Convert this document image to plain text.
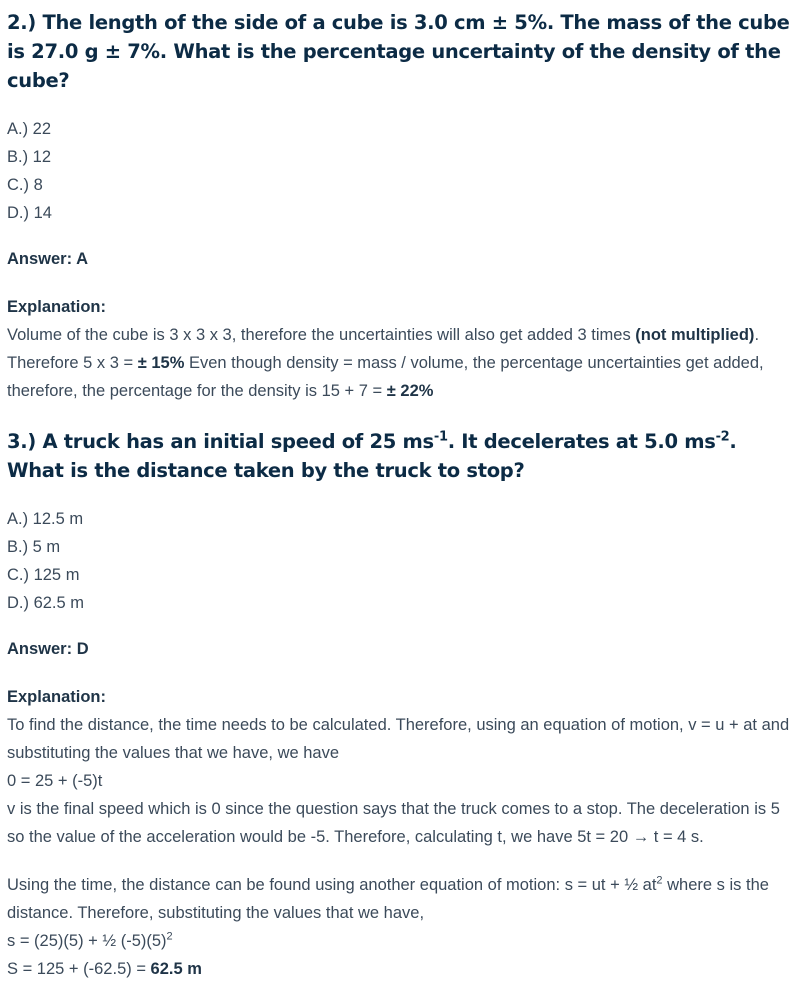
2.) The length of the side of a cube is 3.0 cm ± 5%. The mass of the cube is 27.0 g ± 7%. What is the percentage uncertainty of the density of the cube?
A.) 22
B.) 12
C.) 8
D.) 14
Answer: A
Explanation:
Volume of the cube is 3 x 3 x 3, therefore the uncertainties will also get added 3 times (not multiplied). Therefore 5 x 3 = ± 15% Even though density = mass / volume, the percentage uncertainties get added, therefore, the percentage for the density is 15 + 7 = ± 22%
3.) A truck has an initial speed of 25 $ms^{-1}$. It decelerates at 5.0 $ms^{-2}$. What is the distance taken by the truck to stop?
A.) 12.5 m
B.) 5 m
C.) 125 m
D.) 62.5 m
Answer: D
Explanation:
To find the distance, the time needs to be calculated. Therefore, using an equation of motion, v = u + at and substituting the values that we have, we have
0 = 25 + (-5)t
v is the final speed which is 0 since the question says that the truck comes to a stop. The deceleration is 5 so the value of the acceleration would be -5. Therefore, calculating t, we have 5t = 20 → t = 4 s.
Using the time, the distance can be found using another equation of motion: s = ut + ½ $at^2$ where s is the distance. Therefore, substituting the values that we have,
s = (25)(5) + ½ $(-5)(5)^2$
S = 125 + (-62.5) = 62.5 m
